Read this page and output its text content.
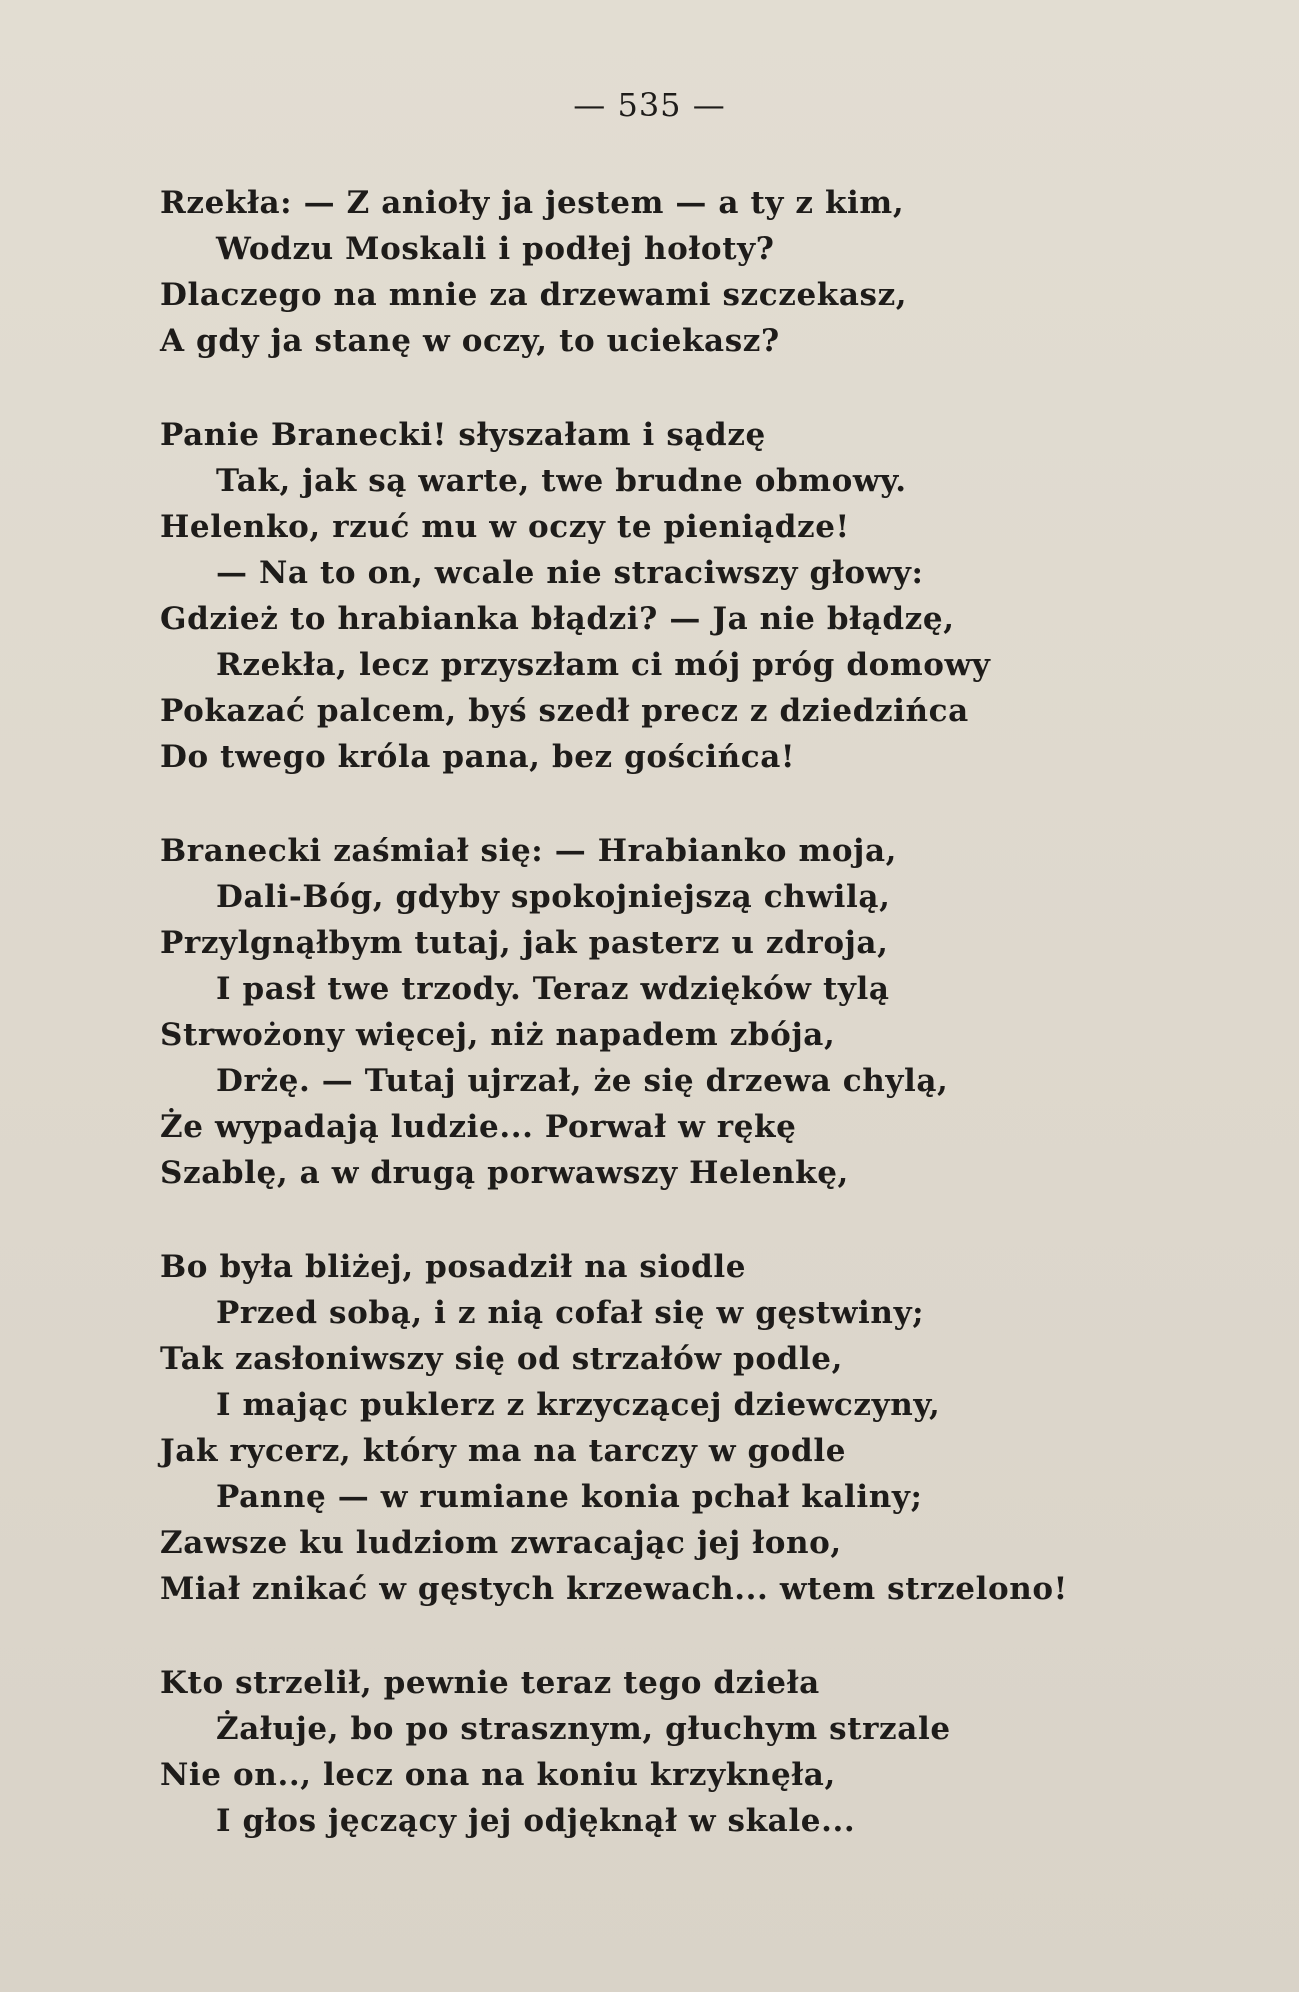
— 535 —
Rzekła: — Z anioły ja jestem — a ty z kim,
Wodzu Moskali i podłej hołoty?
Dlaczego na mnie za drzewami szczekasz,
A gdy ja stanę w oczy, to uciekasz?
Panie Branecki! słyszałam i sądzę
Tak, jak są warte, twe brudne obmowy.
Helenko, rzuć mu w oczy te pieniądze!
— Na to on, wcale nie straciwszy głowy:
Gdzież to hrabianka błądzi? — Ja nie błądzę,
Rzekła, lecz przyszłam ci mój próg domowy
Pokazać palcem, byś szedł precz z dziedzińca
Do twego króla pana, bez gościńca!
Branecki zaśmiał się: — Hrabianko moja,
Dali-Bóg, gdyby spokojniejszą chwilą,
Przylgnąłbym tutaj, jak pasterz u zdroja,
I pasł twe trzody. Teraz wdzięków tylą
Strwożony więcej, niż napadem zbója,
Drżę. — Tutaj ujrzał, że się drzewa chylą,
Że wypadają ludzie... Porwał w rękę
Szablę, a w drugą porwawszy Helenkę,
Bo była bliżej, posadził na siodle
Przed sobą, i z nią cofał się w gęstwiny;
Tak zasłoniwszy się od strzałów podle,
I mając puklerz z krzyczącej dziewczyny,
Jak rycerz, który ma na tarczy w godle
Pannę — w rumiane konia pchał kaliny;
Zawsze ku ludziom zwracając jej łono,
Miał znikać w gęstych krzewach... wtem strzelono!
Kto strzelił, pewnie teraz tego dzieła
Żałuje, bo po strasznym, głuchym strzale
Nie on.., lecz ona na koniu krzyknęła,
I głos jęczący jej odjęknął w skale...
